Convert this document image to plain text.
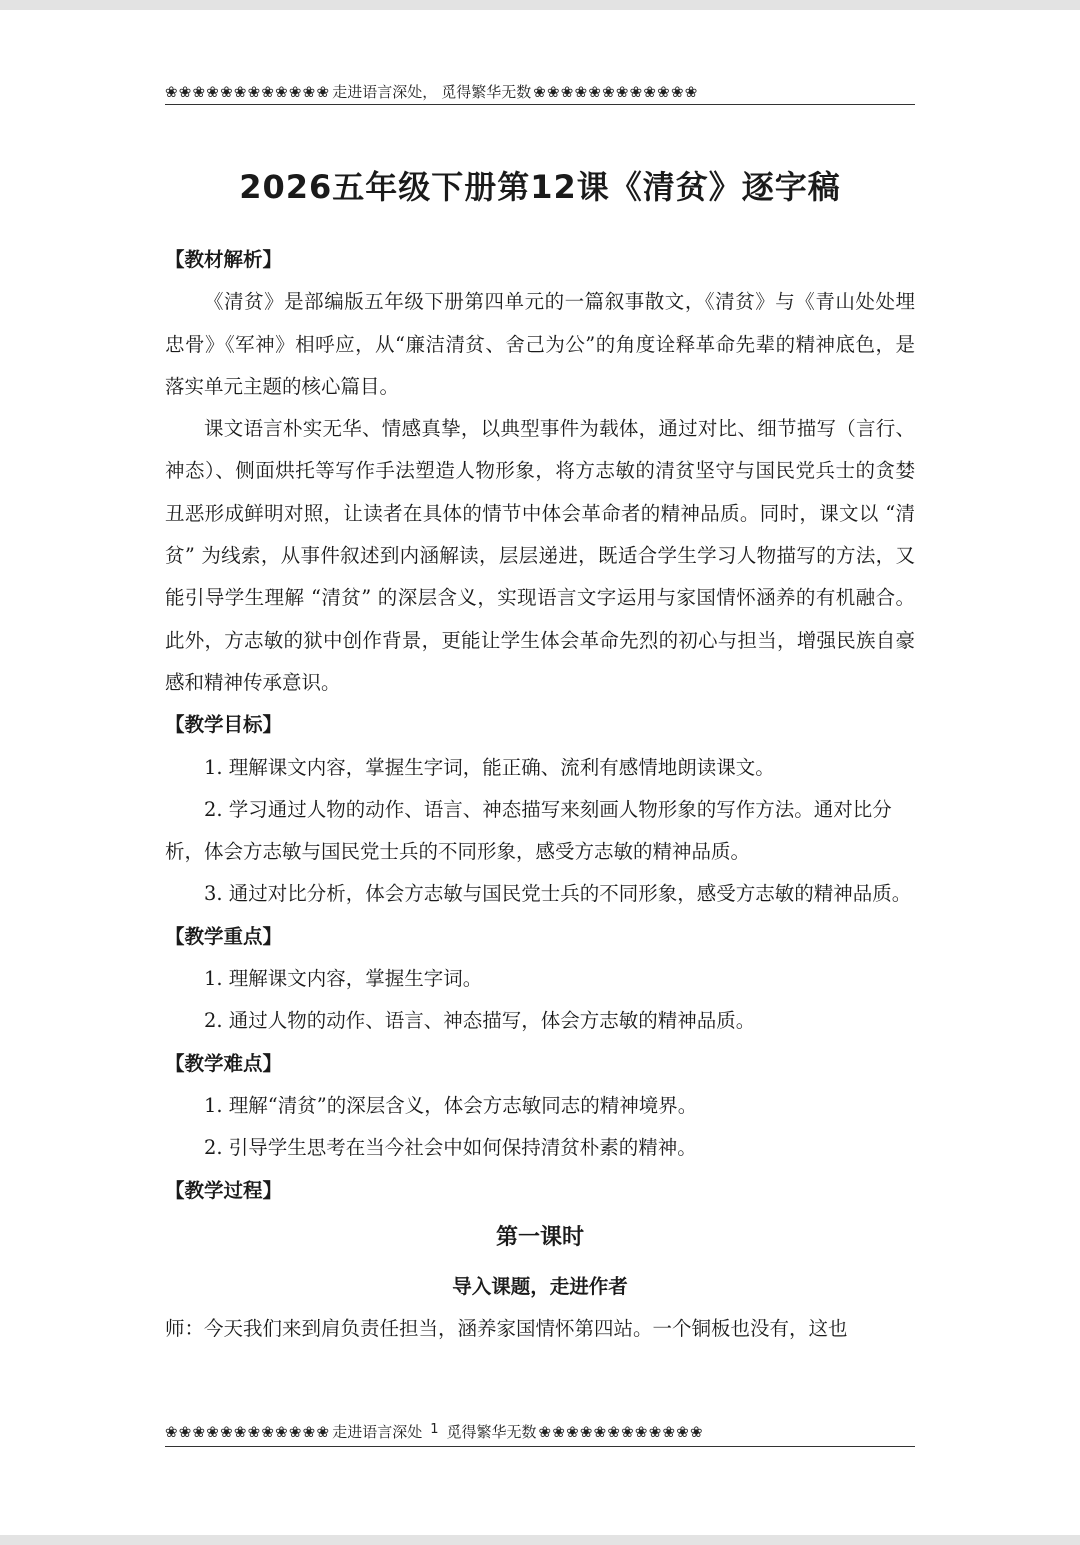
❀❀❀❀❀❀❀❀❀❀❀❀ 走进语言深处， 觅得繁华无数 ❀❀❀❀❀❀❀❀❀❀❀❀
2026五年级下册第12课《清贫》逐字稿

【教材解析】

《清贫》是部编版五年级下册第四单元的一篇叙事散文，《清贫》与《青山处处埋忠骨》《军神》相呼应，从“廉洁清贫、舍己为公”的角度诠释革命先辈的精神底色，是落实单元主题的核心篇目。

课文语言朴实无华、情感真挚，以典型事件为载体，通过对比、细节描写（言行、神态）、侧面烘托等写作手法塑造人物形象，将方志敏的清贫坚守与国民党兵士的贪婪丑恶形成鲜明对照，让读者在具体的情节中体会革命者的精神品质。同时，课文以 “清贫” 为线索，从事件叙述到内涵解读，层层递进，既适合学生学习人物描写的方法，又能引导学生理解 “清贫” 的深层含义，实现语言文字运用与家国情怀涵养的有机融合。此外，方志敏的狱中创作背景，更能让学生体会革命先烈的初心与担当，增强民族自豪感和精神传承意识。

【教学目标】

1. 理解课文内容，掌握生字词，能正确、流利有感情地朗读课文。

2. 学习通过人物的动作、语言、神态描写来刻画人物形象的写作方法。通对比分析，体会方志敏与国民党士兵的不同形象，感受方志敏的精神品质。

3. 通过对比分析，体会方志敏与国民党士兵的不同形象，感受方志敏的精神品质。

【教学重点】

1. 理解课文内容，掌握生字词。

2. 通过人物的动作、语言、神态描写，体会方志敏的精神品质。

【教学难点】

1. 理解“清贫”的深层含义，体会方志敏同志的精神境界。

2. 引导学生思考在当今社会中如何保持清贫朴素的精神。

【教学过程】

第一课时

导入课题，走进作者

师：今天我们来到肩负责任担当，涵养家国情怀第四站。一个铜板也没有，这也

❀❀❀❀❀❀❀❀❀❀❀❀ 走进语言深处 1 觅得繁华无数 ❀❀❀❀❀❀❀❀❀❀❀❀
